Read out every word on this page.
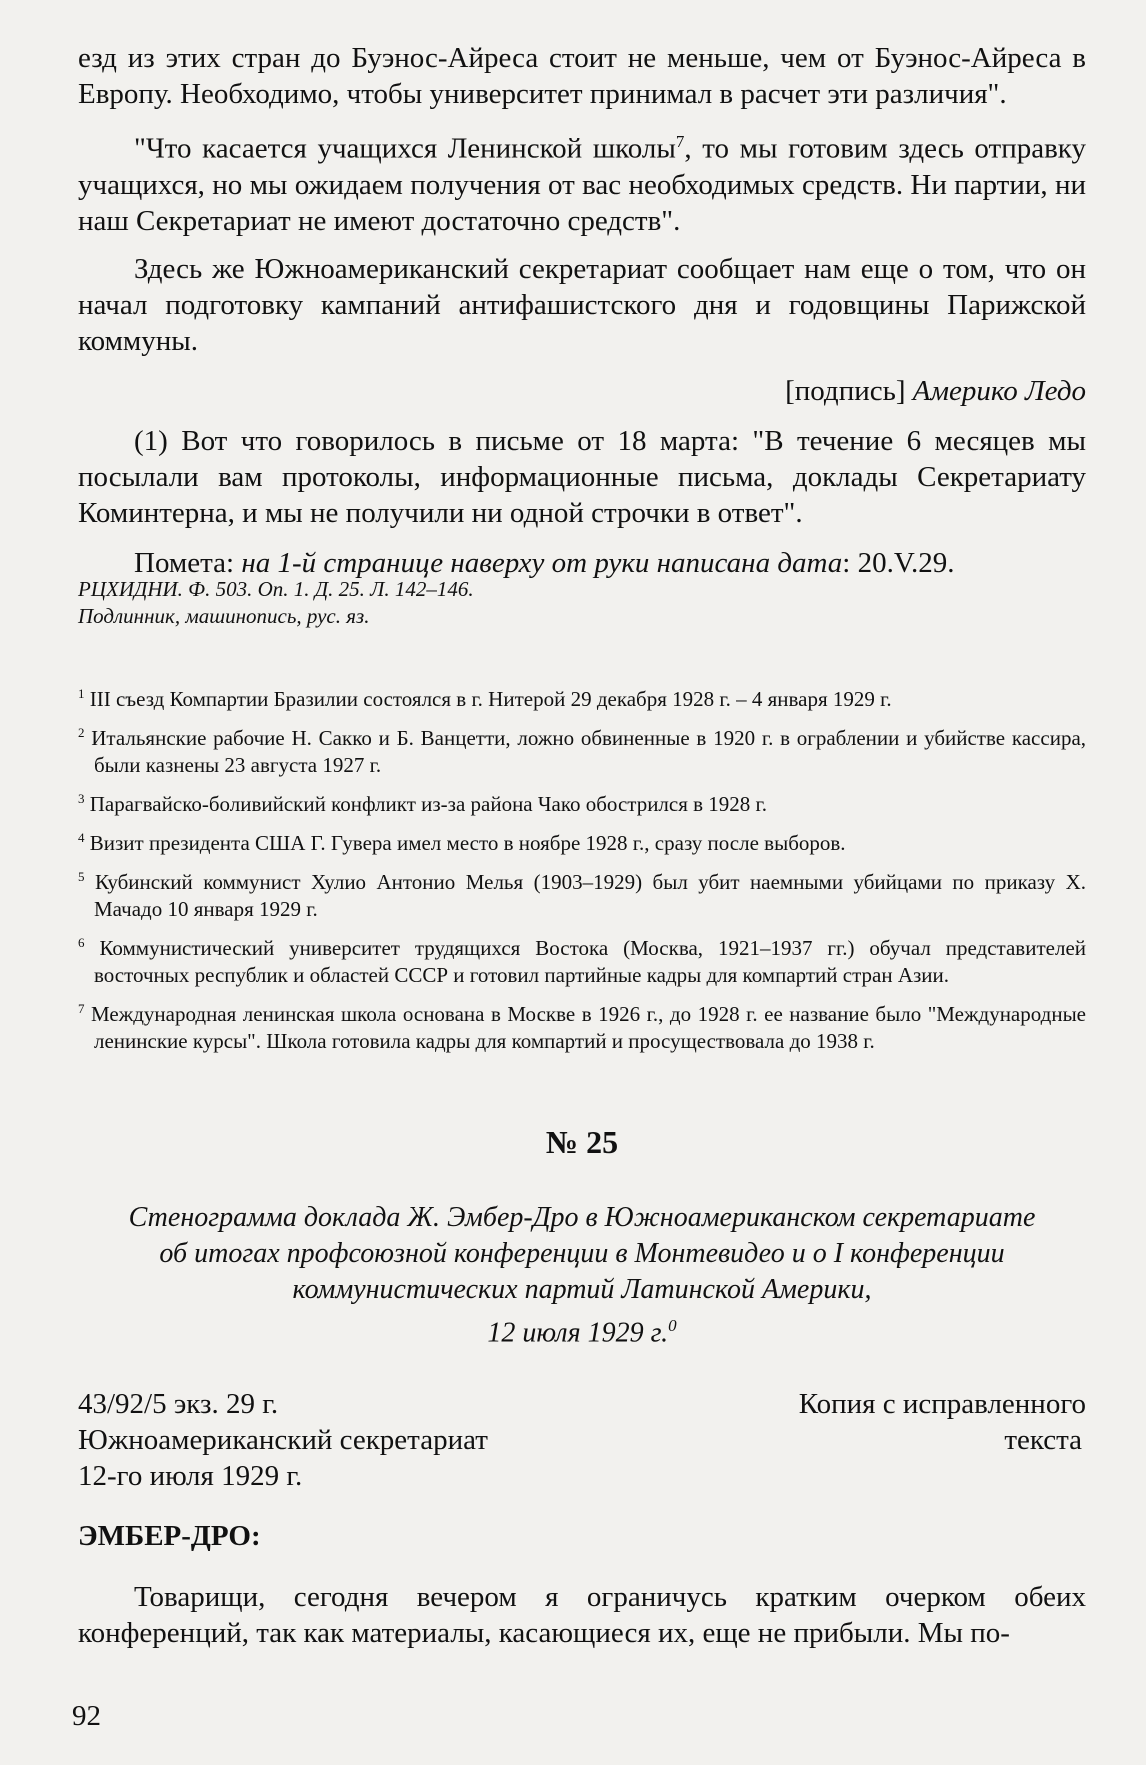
езд из этих стран до Буэнос-Айреса стоит не меньше, чем от Буэнос-Айреса в Европу. Необходимо, чтобы университет принимал в расчет эти различия".

"Что касается учащихся Ленинской школы$^7$, то мы готовим здесь отправку учащихся, но мы ожидаем получения от вас необходимых средств. Ни партии, ни наш Секретариат не имеют достаточно средств".

Здесь же Южноамериканский секретариат сообщает нам еще о том, что он начал подготовку кампаний антифашистского дня и годовщины Парижской коммуны.

[подпись] Америко Ледо

(1) Вот что говорилось в письме от 18 марта: "В течение 6 месяцев мы посылали вам протоколы, информационные письма, доклады Секретариату Коминтерна, и мы не получили ни одной строчки в ответ".

Помета: на 1-й странице наверху от руки написана дата: 20.V.29.

РЦХИДНИ. Ф. 503. Оп. 1. Д. 25. Л. 142–146.

Подлинник, машинопись, рус. яз.

$^1$ III съезд Компартии Бразилии состоялся в г. Нитерой 29 декабря 1928 г. – 4 января 1929 г.

$^2$ Итальянские рабочие Н. Сакко и Б. Ванцетти, ложно обвиненные в 1920 г. в ограблении и убийстве кассира, были казнены 23 августа 1927 г.

$^3$ Парагвайско-боливийский конфликт из-за района Чако обострился в 1928 г.

$^4$ Визит президента США Г. Гувера имел место в ноябре 1928 г., сразу после выборов.

$^5$ Кубинский коммунист Хулио Антонио Мелья (1903–1929) был убит наемными убийцами по приказу Х. Мачадо 10 января 1929 г.

$^6$ Коммунистический университет трудящихся Востока (Москва, 1921–1937 гг.) обучал представителей восточных республик и областей СССР и готовил партийные кадры для компартий стран Азии.

$^7$ Международная ленинская школа основана в Москве в 1926 г., до 1928 г. ее название было "Международные ленинские курсы". Школа готовила кадры для компартий и просуществовала до 1938 г.

№ 25

Стенограмма доклада Ж. Эмбер-Дро в Южноамериканском секретариате

об итогах профсоюзной конференции в Монтевидео и о I конференции

коммунистических партий Латинской Америки,

12 июля 1929 г.$^0$

43/92/5 экз. 29 г.	Копия с исправленного
Южноамериканский секретариат	текста
12-го июля 1929 г.

ЭМБЕР-ДРО:

Товарищи, сегодня вечером я ограничусь кратким очерком обеих конференций, так как материалы, касающиеся их, еще не прибыли. Мы по-

92
